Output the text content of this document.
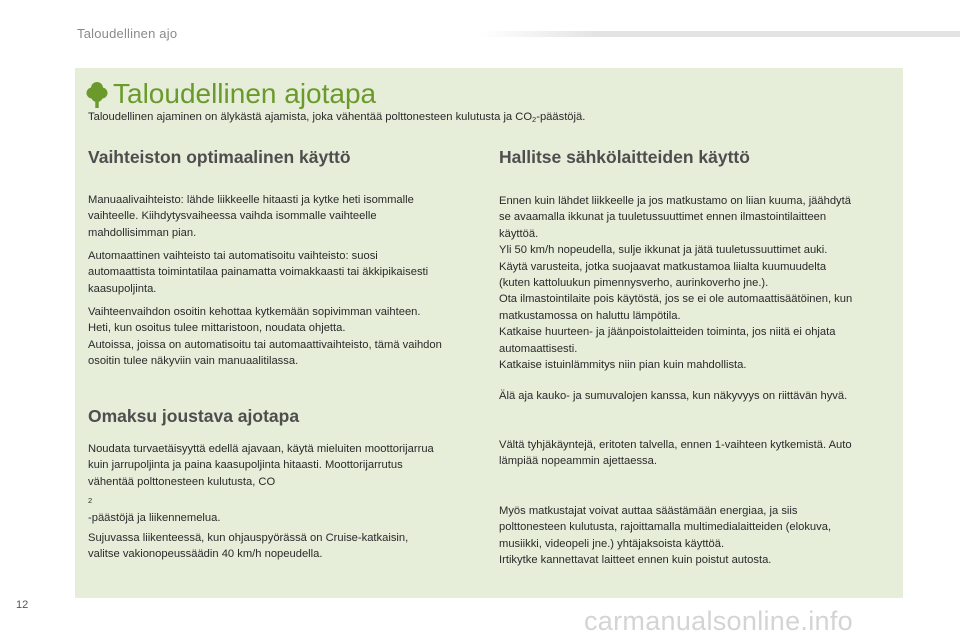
Taloudellinen ajo
Taloudellinen ajotapa

Taloudellinen ajaminen on älykästä ajamista, joka vähentää polttonesteen kulutusta ja $CO_2$-päästöjä.

Vaihteiston optimaalinen käyttö

Manuaalivaihteisto: lähde liikkeelle hitaasti ja kytke heti isommalle
vaihteelle. Kiihdytysvaiheessa vaihda isommalle vaihteelle
mahdollisimman pian.

Automaattinen vaihteisto tai automatisoitu vaihteisto: suosi
automaattista toimintatilaa painamatta voimakkaasti tai äkkipikaisesti
kaasupoljinta.

Vaihteenvaihdon osoitin kehottaa kytkemään sopivimman vaihteen.
Heti, kun osoitus tulee mittaristoon, noudata ohjetta.
Autoissa, joissa on automatisoitu tai automaattivaihteisto, tämä vaihdon
osoitin tulee näkyviin vain manuaalitilassa.

Omaksu joustava ajotapa

Noudata turvaetäisyyttä edellä ajavaan, käytä mieluiten moottorijarrua
kuin jarrupoljinta ja paina kaasupoljinta hitaasti. Moottorijarrutus
vähentää polttonesteen kulutusta, CO
$_2$
-päästöjä ja liikennemelua.

Sujuvassa liikenteessä, kun ohjauspyörässä on Cruise-katkaisin,
valitse vakionopeussäädin 40 km/h nopeudella.

Hallitse sähkölaitteiden käyttö

Ennen kuin lähdet liikkeelle ja jos matkustamo on liian kuuma, jäähdytä
se avaamalla ikkunat ja tuuletussuuttimet ennen ilmastointilaitteen
käyttöä.
Yli 50 km/h nopeudella, sulje ikkunat ja jätä tuuletussuuttimet auki.
Käytä varusteita, jotka suojaavat matkustamoa liialta kuumuudelta
(kuten kattoluukun pimennysverho, aurinkoverho jne.).
Ota ilmastointilaite pois käytöstä, jos se ei ole automaattisäätöinen, kun
matkustamossa on haluttu lämpötila.
Katkaise huurteen- ja jäänpoistolaitteiden toiminta, jos niitä ei ohjata
automaattisesti.
Katkaise istuinlämmitys niin pian kuin mahdollista.

Älä aja kauko- ja sumuvalojen kanssa, kun näkyvyys on riittävän hyvä.

Vältä tyhjäkäyntejä, eritoten talvella, ennen 1-vaihteen kytkemistä. Auto
lämpiää nopeammin ajettaessa.

Myös matkustajat voivat auttaa säästämään energiaa, ja siis
polttonesteen kulutusta, rajoittamalla multimedialaitteiden (elokuva,
musiikki, videopeli jne.) yhtäjaksoista käyttöä.
Irtikytke kannettavat laitteet ennen kuin poistut autosta.

12
carmanualsonline.info
